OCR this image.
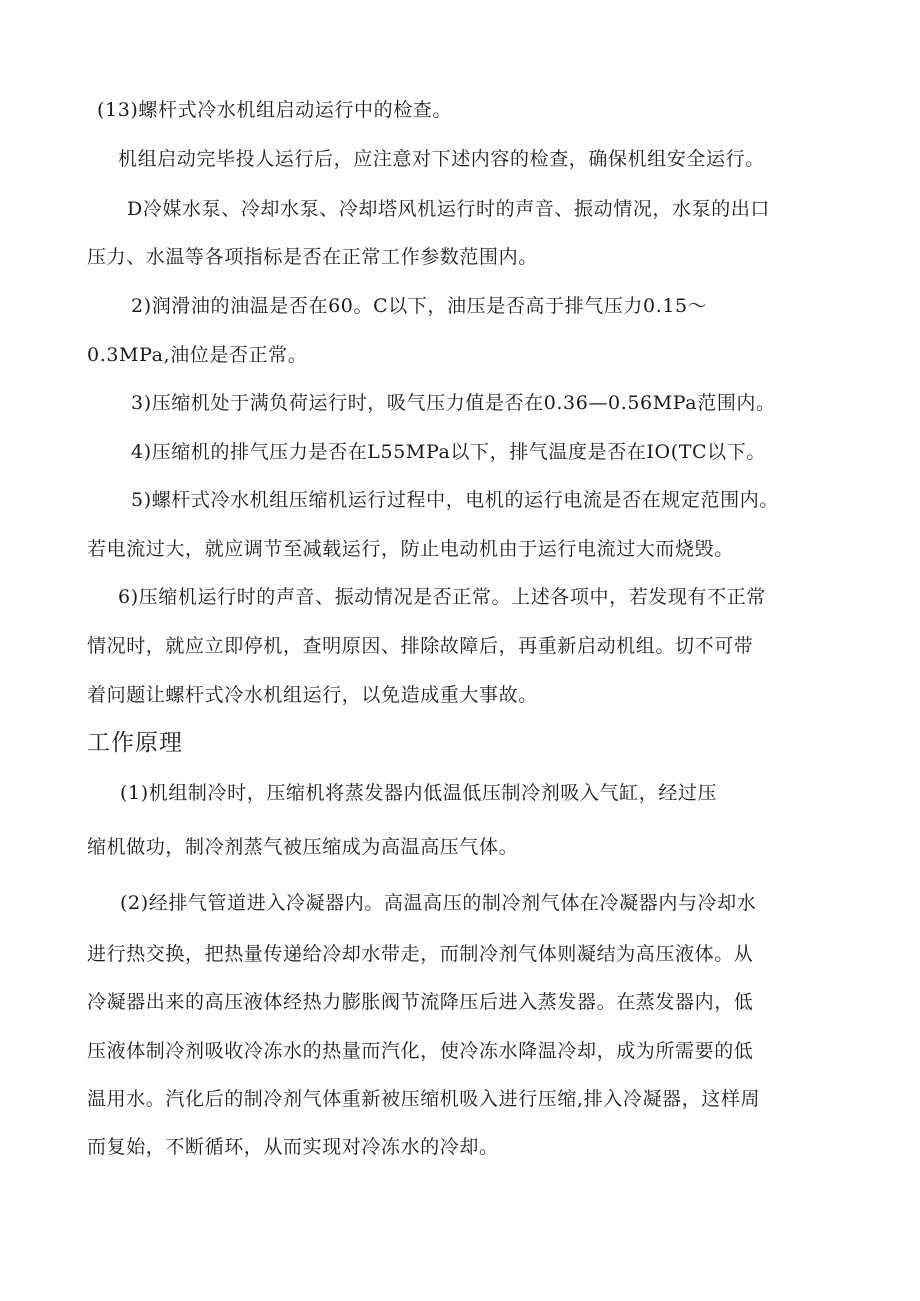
(13)螺杆式冷水机组启动运行中的检查。
机组启动完毕投人运行后，应注意对下述内容的检查，确保机组安全运行。
D冷媒水泵、冷却水泵、冷却塔风机运行时的声音、振动情况，水泵的出口
压力、水温等各项指标是否在正常工作参数范围内。
2)润滑油的油温是否在60。C以下，油压是否高于排气压力0.15～
0.3MPa,油位是否正常。
3)压缩机处于满负荷运行时，吸气压力值是否在0.36—0.56MPa范围内。
4)压缩机的排气压力是否在L55MPa以下，排气温度是否在IO(TC以下。
5)螺杆式冷水机组压缩机运行过程中，电机的运行电流是否在规定范围内。
若电流过大，就应调节至减载运行，防止电动机由于运行电流过大而烧毁。
6)压缩机运行时的声音、振动情况是否正常。上述各项中，若发现有不正常
情况时，就应立即停机，查明原因、排除故障后，再重新启动机组。切不可带
着问题让螺杆式冷水机组运行，以免造成重大事故。
工作原理
(1)机组制冷时，压缩机将蒸发器内低温低压制冷剂吸入气缸，经过压
缩机做功，制冷剂蒸气被压缩成为高温高压气体。
(2)经排气管道进入冷凝器内。高温高压的制冷剂气体在冷凝器内与冷却水
进行热交换，把热量传递给冷却水带走，而制冷剂气体则凝结为高压液体。从
冷凝器出来的高压液体经热力膨胀阀节流降压后进入蒸发器。在蒸发器内，低
压液体制冷剂吸收冷冻水的热量而汽化，使冷冻水降温冷却，成为所需要的低
温用水。汽化后的制冷剂气体重新被压缩机吸入进行压缩,排入冷凝器，这样周
而复始，不断循环，从而实现对冷冻水的冷却。
